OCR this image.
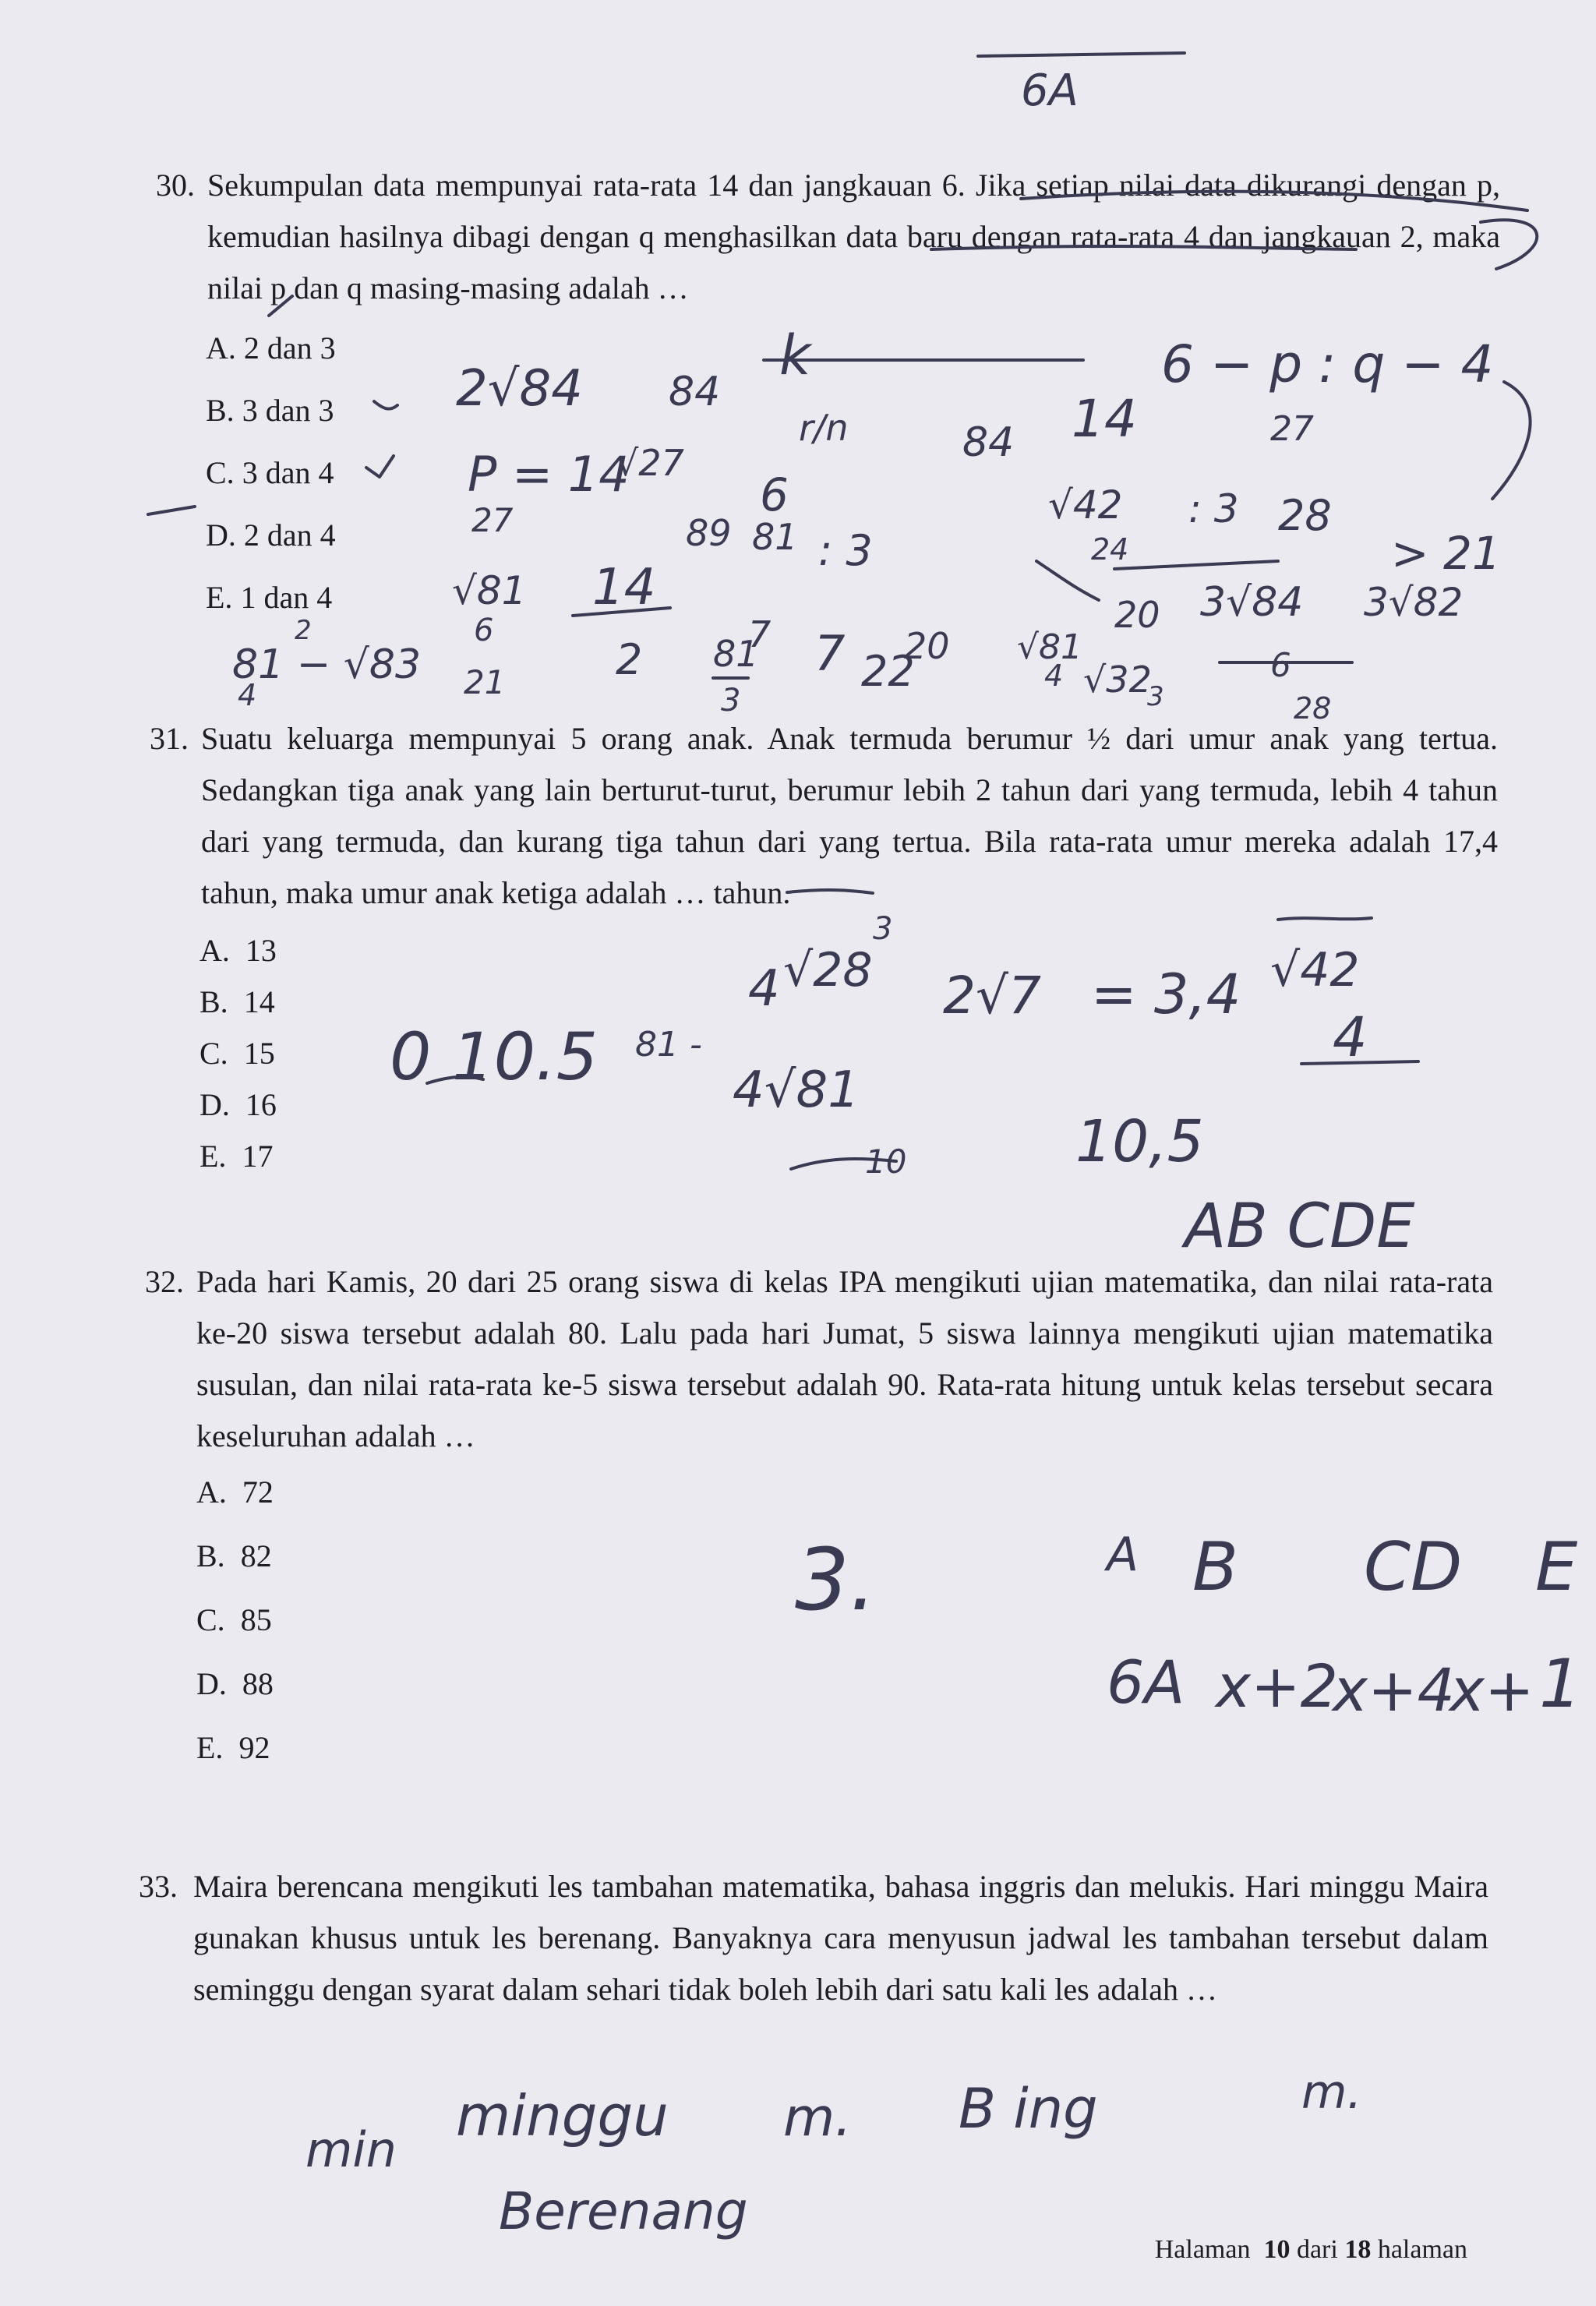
30. Sekumpulan data mempunyai rata-rata 14 dan jangkauan 6. Jika setiap nilai data dikurangi dengan p, kemudian hasilnya dibagi dengan q menghasilkan data baru dengan rata-rata 4 dan jangkauan 2, maka nilai p dan q masing-masing adalah …
A. 2 dan 3
B. 3 dan 3
C. 3 dan 4
D. 2 dan 4
E. 1 dan 4
31. Suatu keluarga mempunyai 5 orang anak. Anak termuda berumur ½ dari umur anak yang tertua. Sedangkan tiga anak yang lain berturut-turut, berumur lebih 2 tahun dari yang termuda, lebih 4 tahun dari yang termuda, dan kurang tiga tahun dari yang tertua. Bila rata-rata umur mereka adalah 17,4 tahun, maka umur anak ketiga adalah … tahun.
A. 13
B. 14
C. 15
D. 16
E. 17
32. Pada hari Kamis, 20 dari 25 orang siswa di kelas IPA mengikuti ujian matematika, dan nilai rata-rata ke-20 siswa tersebut adalah 80. Lalu pada hari Jumat, 5 siswa lainnya mengikuti ujian matematika susulan, dan nilai rata-rata ke-5 siswa tersebut adalah 90. Rata-rata hitung untuk kelas tersebut secara keseluruhan adalah …
A. 72
B. 82
C. 85
D. 88
E. 92
33. Maira berencana mengikuti les tambahan matematika, bahasa inggris dan melukis. Hari minggu Maira gunakan khusus untuk les berenang. Banyaknya cara menyusun jadwal les tambahan tersebut dalam seminggu dengan syarat dalam sehari tidak boleh lebih dari satu kali les adalah …
6A
2√84 84
k
r/n	84 14
6 − p : q − 4
27
P = 14
√27
6
27	89 81 : 3
√42 : 3 28
24	> 21
√81
6
21
14
2 81
3
7 7 22
20 √81
4 √32
3
20 3√84
6
3√82
28
81 − √83
4
2
3
0 10.5 81 -
√28
4	2√7 = 3,4 √42
4
4√81
10	10,5
AB CDE
3.	A B CD E
6A x+2
x+4
x+ 1
min
minggu m. B ing	m.
Berenang
Halaman 10 dari 18 halaman
